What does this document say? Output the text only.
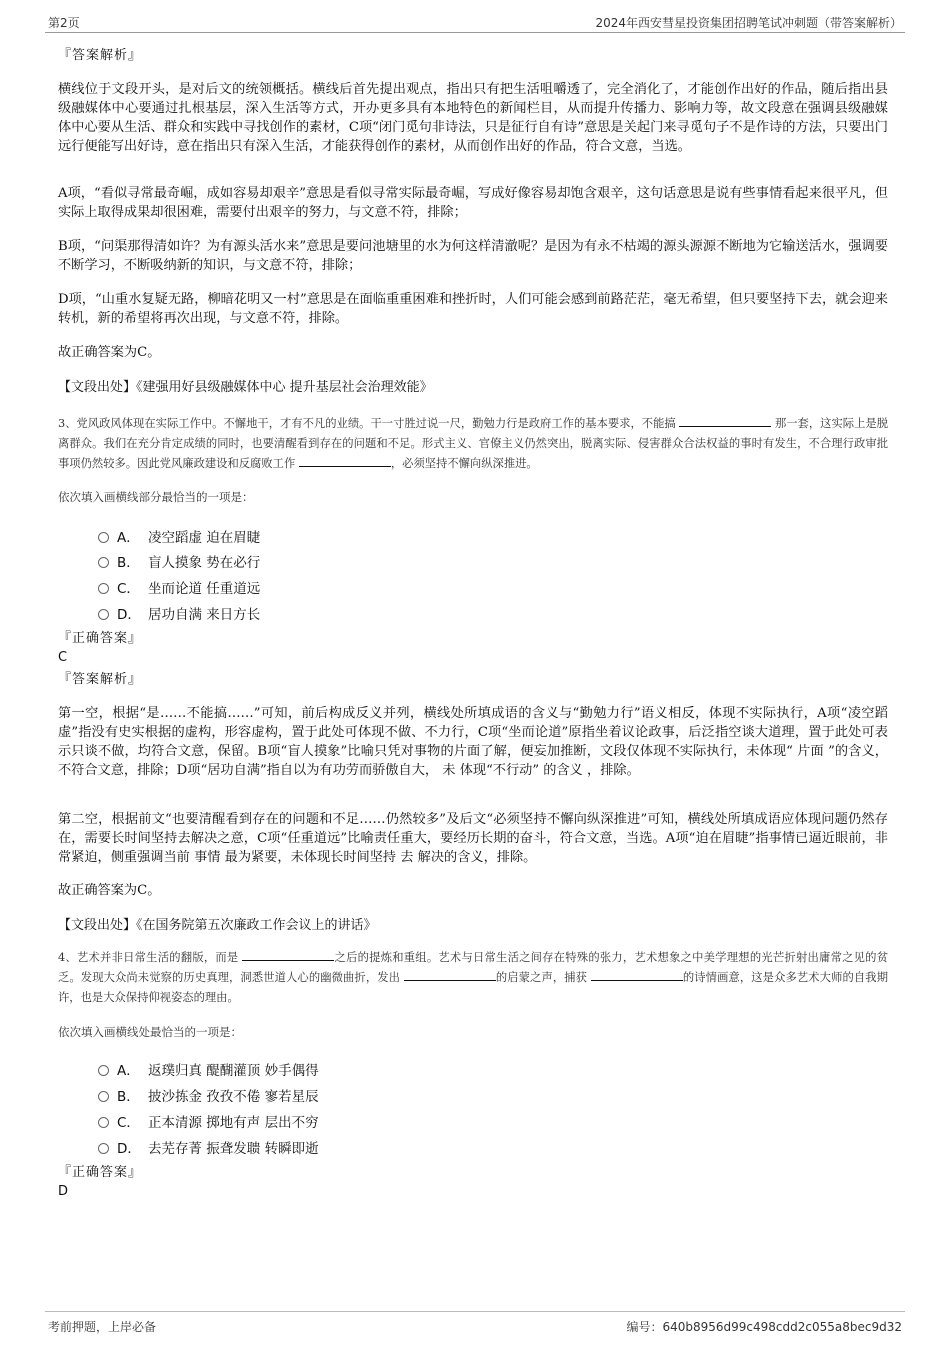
第2页	2024年西安彗星投资集团招聘笔试冲刺题（带答案解析）
『答案解析』
横线位于文段开头，是对后文的统领概括。横线后首先提出观点，指出只有把生活咀嚼透了，完全消化了，才能创作出好的作品，随后指出县级融媒体中心要通过扎根基层，深入生活等方式，开办更多具有本地特色的新闻栏目，从而提升传播力、影响力等，故文段意在强调县级融媒体中心要从生活、群众和实践中寻找创作的素材，C项“闭门觅句非诗法，只是征行自有诗”意思是关起门来寻觅句子不是作诗的方法，只要出门远行便能写出好诗，意在指出只有深入生活，才能获得创作的素材，从而创作出好的作品，符合文意，当选。
A项，“看似寻常最奇崛，成如容易却艰辛”意思是看似寻常实际最奇崛，写成好像容易却饱含艰辛，这句话意思是说有些事情看起来很平凡，但实际上取得成果却很困难，需要付出艰辛的努力，与文意不符，排除；
B项，“问渠那得清如许？为有源头活水来”意思是要问池塘里的水为何这样清澈呢？是因为有永不枯竭的源头源源不断地为它输送活水，强调要不断学习，不断吸纳新的知识，与文意不符，排除；
D项，“山重水复疑无路，柳暗花明又一村”意思是在面临重重困难和挫折时，人们可能会感到前路茫茫，毫无希望，但只要坚持下去，就会迎来转机，新的希望将再次出现，与文意不符，排除。
故正确答案为C。
【文段出处】《建强用好县级融媒体中心 提升基层社会治理效能》
3、党风政风体现在实际工作中。不懈地干，才有不凡的业绩。干一寸胜过说一尺，勤勉力行是政府工作的基本要求，不能搞	那一套，这实际上是脱离群众。我们在充分肯定成绩的同时，也要清醒看到存在的问题和不足。形式主义、官僚主义仍然突出，脱离实际、侵害群众合法权益的事时有发生，不合理行政审批事项仍然较多。因此党风廉政建设和反腐败工作	，必须坚持不懈向纵深推进。
依次填入画横线部分最恰当的一项是：
A． 凌空蹈虚 迫在眉睫
B． 盲人摸象 势在必行
C． 坐而论道 任重道远
D． 居功自满 来日方长
『正确答案』
C
『答案解析』
第一空，根据“是……不能搞……”可知，前后构成反义并列，横线处所填成语的含义与“勤勉力行”语义相反，体现不实际执行，A项“凌空蹈虚”指没有史实根据的虚构，形容虚构，置于此处可体现不做、不力行，C项“坐而论道”原指坐着议论政事，后泛指空谈大道理，置于此处可表示只谈不做，均符合文意，保留。B项“盲人摸象”比喻只凭对事物的片面了解，便妄加推断，文段仅体现不实际执行，未体现“ 片面 ”的含义，不符合文意，排除；D项“居功自满”指自以为有功劳而骄傲自大， 未 体现“不行动” 的含义 ，排除。
第二空，根据前文“也要清醒看到存在的问题和不足……仍然较多”及后文“必须坚持不懈向纵深推进”可知，横线处所填成语应体现问题仍然存在，需要长时间坚持去解决之意，C项“任重道远”比喻责任重大，要经历长期的奋斗，符合文意，当选。A项“迫在眉睫”指事情已逼近眼前，非常紧迫，侧重强调当前 事情 最为紧要，未体现长时间坚持 去 解决的含义，排除。
故正确答案为C。
【文段出处】《在国务院第五次廉政工作会议上的讲话》
4、艺术并非日常生活的翻版，而是	之后的提炼和重组。艺术与日常生活之间存在特殊的张力，艺术想象之中美学理想的光芒折射出庸常之见的贫乏。发现大众尚未觉察的历史真理，洞悉世道人心的幽微曲折，发出	的启蒙之声，捕获	的诗情画意，这是众多艺术大师的自我期许，也是大众保持仰视姿态的理由。
依次填入画横线处最恰当的一项是：
A． 返璞归真 醍醐灌顶 妙手偶得
B． 披沙拣金 孜孜不倦 寥若星辰
C． 正本清源 掷地有声 层出不穷
D． 去芜存菁 振聋发聩 转瞬即逝
『正确答案』
D
考前押题，上岸必备	编号：640b8956d99c498cdd2c055a8bec9d32
